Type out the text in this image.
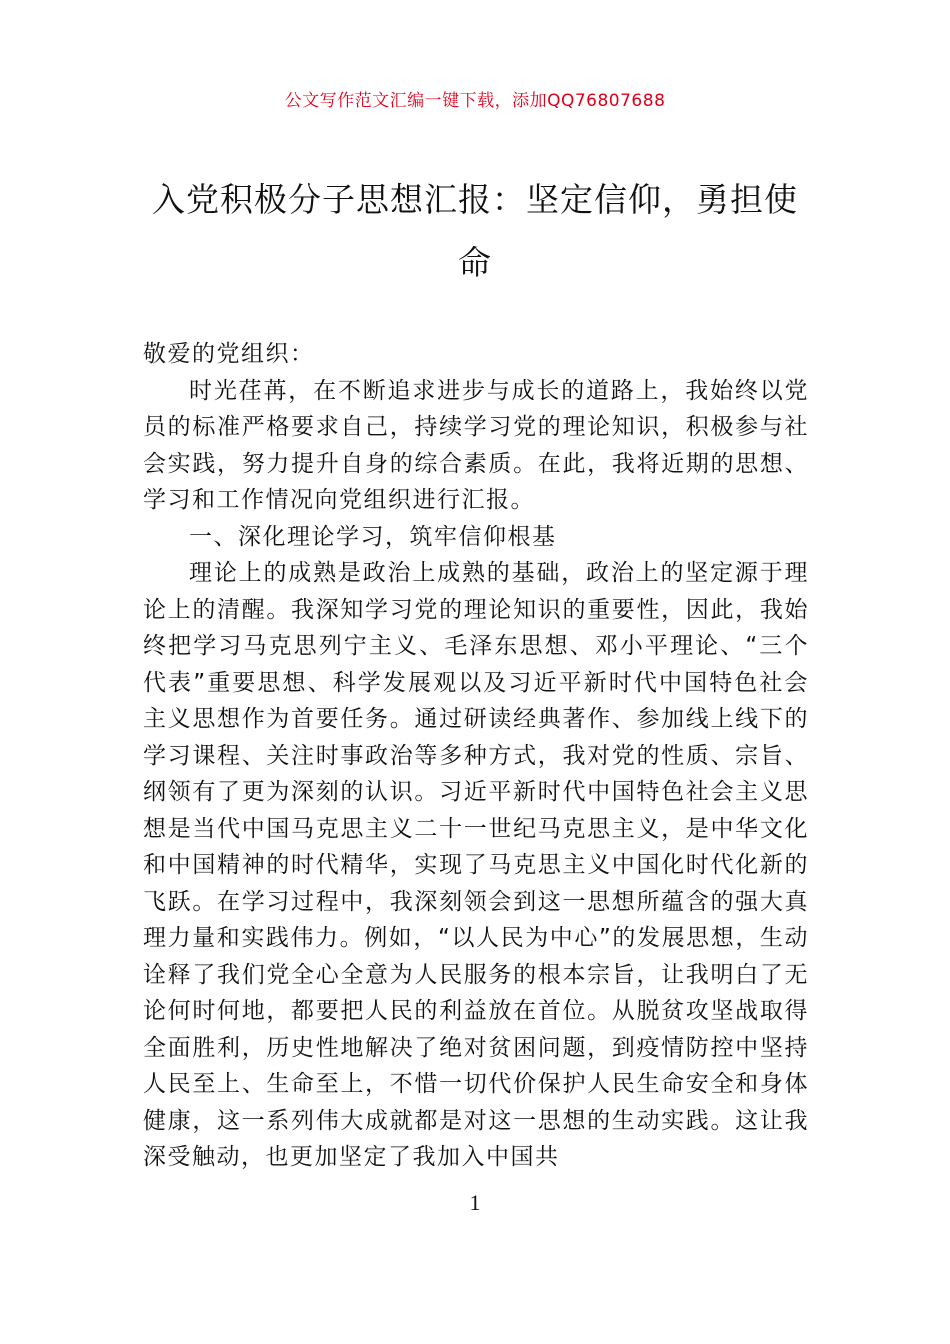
公文写作范文汇编一键下载，添加QQ76807688
入党积极分子思想汇报：坚定信仰，勇担使命

敬爱的党组织：

时光荏苒，在不断追求进步与成长的道路上，我始终以党员的标准严格要求自己，持续学习党的理论知识，积极参与社会实践，努力提升自身的综合素质。在此，我将近期的思想、学习和工作情况向党组织进行汇报。

一、深化理论学习，筑牢信仰根基

理论上的成熟是政治上成熟的基础，政治上的坚定源于理论上的清醒。我深知学习党的理论知识的重要性，因此，我始终把学习马克思列宁主义、毛泽东思想、邓小平理论、“三个代表”重要思想、科学发展观以及习近平新时代中国特色社会主义思想作为首要任务。通过研读经典著作、参加线上线下的学习课程、关注时事政治等多种方式，我对党的性质、宗旨、纲领有了更为深刻的认识。习近平新时代中国特色社会主义思想是当代中国马克思主义二十一世纪马克思主义，是中华文化和中国精神的时代精华，实现了马克思主义中国化时代化新的飞跃。在学习过程中，我深刻领会到这一思想所蕴含的强大真理力量和实践伟力。例如，“以人民为中心”的发展思想，生动诠释了我们党全心全意为人民服务的根本宗旨，让我明白了无论何时何地，都要把人民的利益放在首位。从脱贫攻坚战取得全面胜利，历史性地解决了绝对贫困问题，到疫情防控中坚持人民至上、生命至上，不惜一切代价保护人民生命安全和身体健康，这一系列伟大成就都是对这一思想的生动实践。这让我深受触动，也更加坚定了我加入中国共

1
